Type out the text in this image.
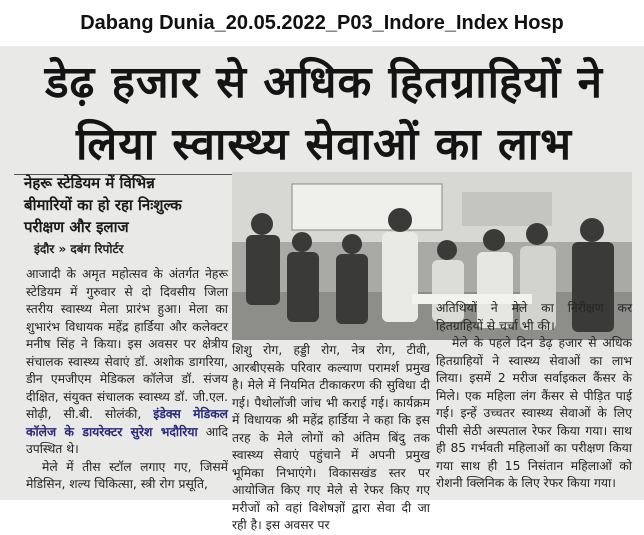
Dabang Dunia_20.05.2022_P03_Indore_Index Hosp
डेढ़ हजार से अधिक हितग्राहियों ने
लिया स्वास्थ्य सेवाओं का लाभ
नेहरू स्टेडियम में विभिन्न
बीमारियों का हो रहा निःशुल्क
परीक्षण और इलाज
इंदौर » दबंग रिपोर्टर

आजादी के अमृत महोत्सव के अंतर्गत नेहरू स्टेडियम में गुरुवार से दो दिवसीय जिला स्तरीय स्वास्थ्य मेला प्रारंभ हुआ। मेला का शुभारंभ विधायक महेंद्र हार्डिया और कलेक्टर मनीष सिंह ने किया। इस अवसर पर क्षेत्रीय संचालक स्वास्थ्य सेवाएं डॉ. अशोक डागरिया, डीन एमजीएम मेडिकल कॉलेज डॉ. संजय दीक्षित, संयुक्त संचालक स्वास्थ्य डॉ. जी.एल. सोढ़ी, सी.बी. सोलंकी, इंडेक्स मेडिकल कॉलेज के डायरेक्टर सुरेश भदौरिया आदि उपस्थित थे।

मेले में तीस स्टॉल लगाए गए, जिसमें मेडिसिन, शल्य चिकित्सा, स्त्री रोग प्रसूति,

शिशु रोग, हड्डी रोग, नेत्र रोग, टीवी, आरबीएसके परिवार कल्याण परामर्श प्रमुख है। मेले में नियमित टीकाकरण की सुविधा दी गई। पैथोलॉजी जांच भी कराई गई। कार्यक्रम में विधायक श्री महेंद्र हार्डिया ने कहा कि इस तरह के मेले लोगों को अंतिम बिंदु तक स्वास्थ्य सेवाएं पहुंचाने में अपनी प्रमुख भूमिका निभाएंगे। विकासखंड स्तर पर आयोजित किए गए मेले से रेफर किए गए मरीजों को वहां विशेषज्ञों द्वारा सेवा दी जा रही है। इस अवसर पर

अतिथियों ने मेले का निरीक्षण कर हितग्राहियों से चर्चा भी की।

मेले के पहले दिन डेढ़ हजार से अधिक हितग्राहियों ने स्वास्थ्य सेवाओं का लाभ लिया। इसमें 2 मरीज सर्वाइकल कैंसर के मिले। एक महिला लंग कैंसर से पीड़ित पाई गई। इन्हें उच्चतर स्वास्थ्य सेवाओं के लिए पीसी सेठी अस्पताल रेफर किया गया। साथ ही 85 गर्भवती महिलाओं का परीक्षण किया गया साथ ही 15 निसंतान महिलाओं को रोशनी क्लिनिक के लिए रेफर किया गया।
